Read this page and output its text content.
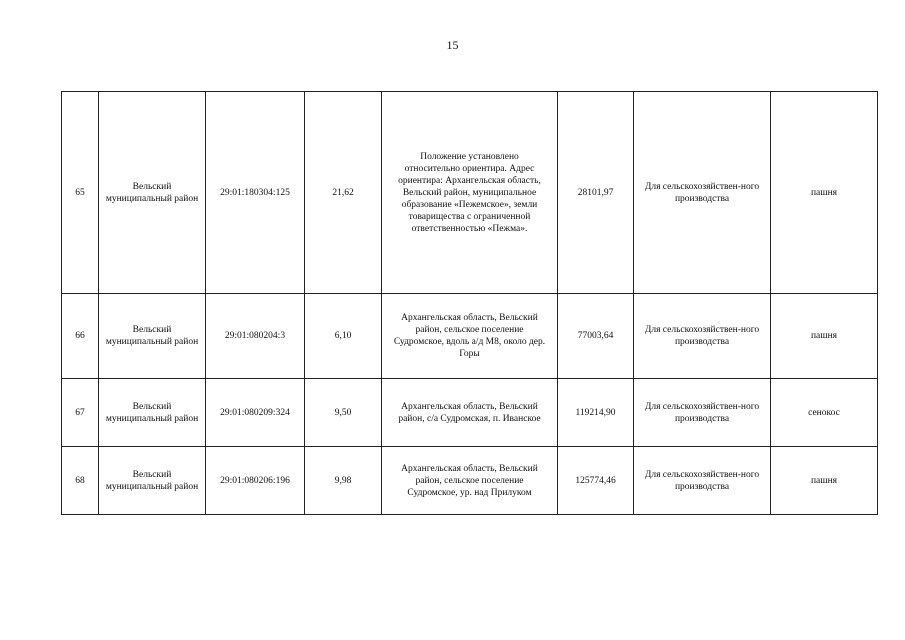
15
65	Вельский муниципальный район	29:01:180304:125	21,62	Положение установлено относительно ориентира. Адрес ориентира: Архангельская область, Вельский район, муниципальное образование «Пежемское», земли товарищества с ограниченной ответственностью «Пежма».	28101,97	Для сельскохозяйствен-ного производства	пашня
66	Вельский муниципальный район	29:01:080204:3	6,10	Архангельская область, Вельский район, сельское поселение Судромское, вдоль а/д М8, около дер. Горы	77003,64	Для сельскохозяйствен-ного производства	пашня
67	Вельский муниципальный район	29:01:080209:324	9,50	Архангельская область, Вельский район, с/а Судромская, п. Иванское	119214,90	Для сельскохозяйствен-ного производства	сенокос
68	Вельский муниципальный район	29:01:080206:196	9,98	Архангельская область, Вельский район, сельское поселение Судромское, ур. над Прилуком	125774,46	Для сельскохозяйствен-ного производства	пашня
